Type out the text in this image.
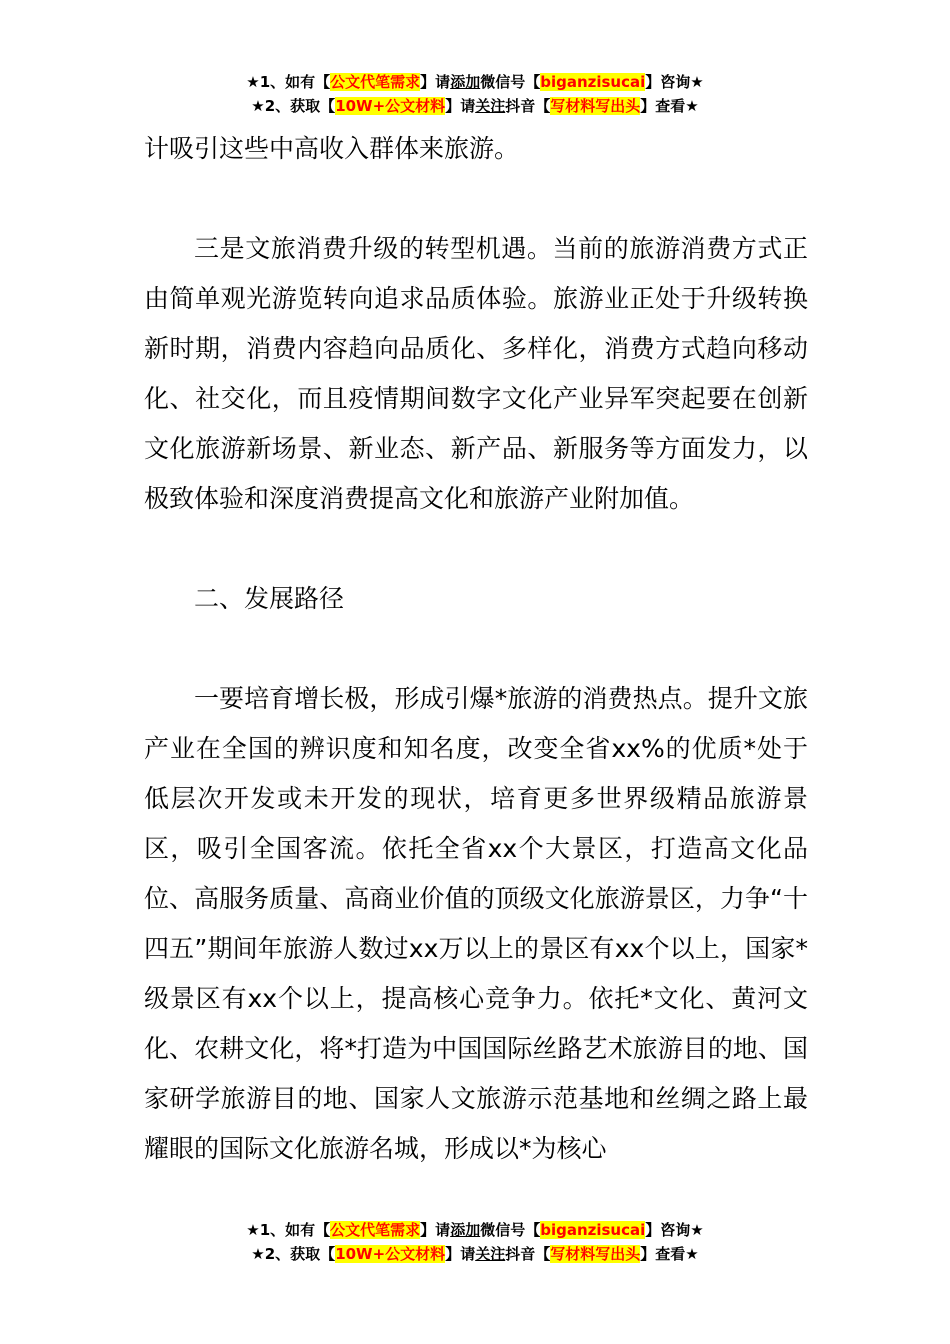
★1、如有【公文代笔需求】请添加微信号【biganzisucai】咨询★
★2、获取【10W+公文材料】请关注抖音【写材料写出头】查看★

计吸引这些中高收入群体来旅游。

三是文旅消费升级的转型机遇。当前的旅游消费方式正由简单观光游览转向追求品质体验。旅游业正处于升级转换新时期，消费内容趋向品质化、多样化，消费方式趋向移动化、社交化，而且疫情期间数字文化产业异军突起要在创新文化旅游新场景、新业态、新产品、新服务等方面发力，以极致体验和深度消费提高文化和旅游产业附加值。

二、发展路径

一要培育增长极，形成引爆*旅游的消费热点。提升文旅产业在全国的辨识度和知名度，改变全省xx%的优质*处于低层次开发或未开发的现状，培育更多世界级精品旅游景区，吸引全国客流。依托全省xx个大景区，打造高文化品位、高服务质量、高商业价值的顶级文化旅游景区，力争“十四五”期间年旅游人数过xx万以上的景区有xx个以上，国家*级景区有xx个以上，提高核心竞争力。依托*文化、黄河文化、农耕文化，将*打造为中国国际丝路艺术旅游目的地、国家研学旅游目的地、国家人文旅游示范基地和丝绸之路上最耀眼的国际文化旅游名城，形成以*为核心

★1、如有【公文代笔需求】请添加微信号【biganzisucai】咨询★
★2、获取【10W+公文材料】请关注抖音【写材料写出头】查看★
